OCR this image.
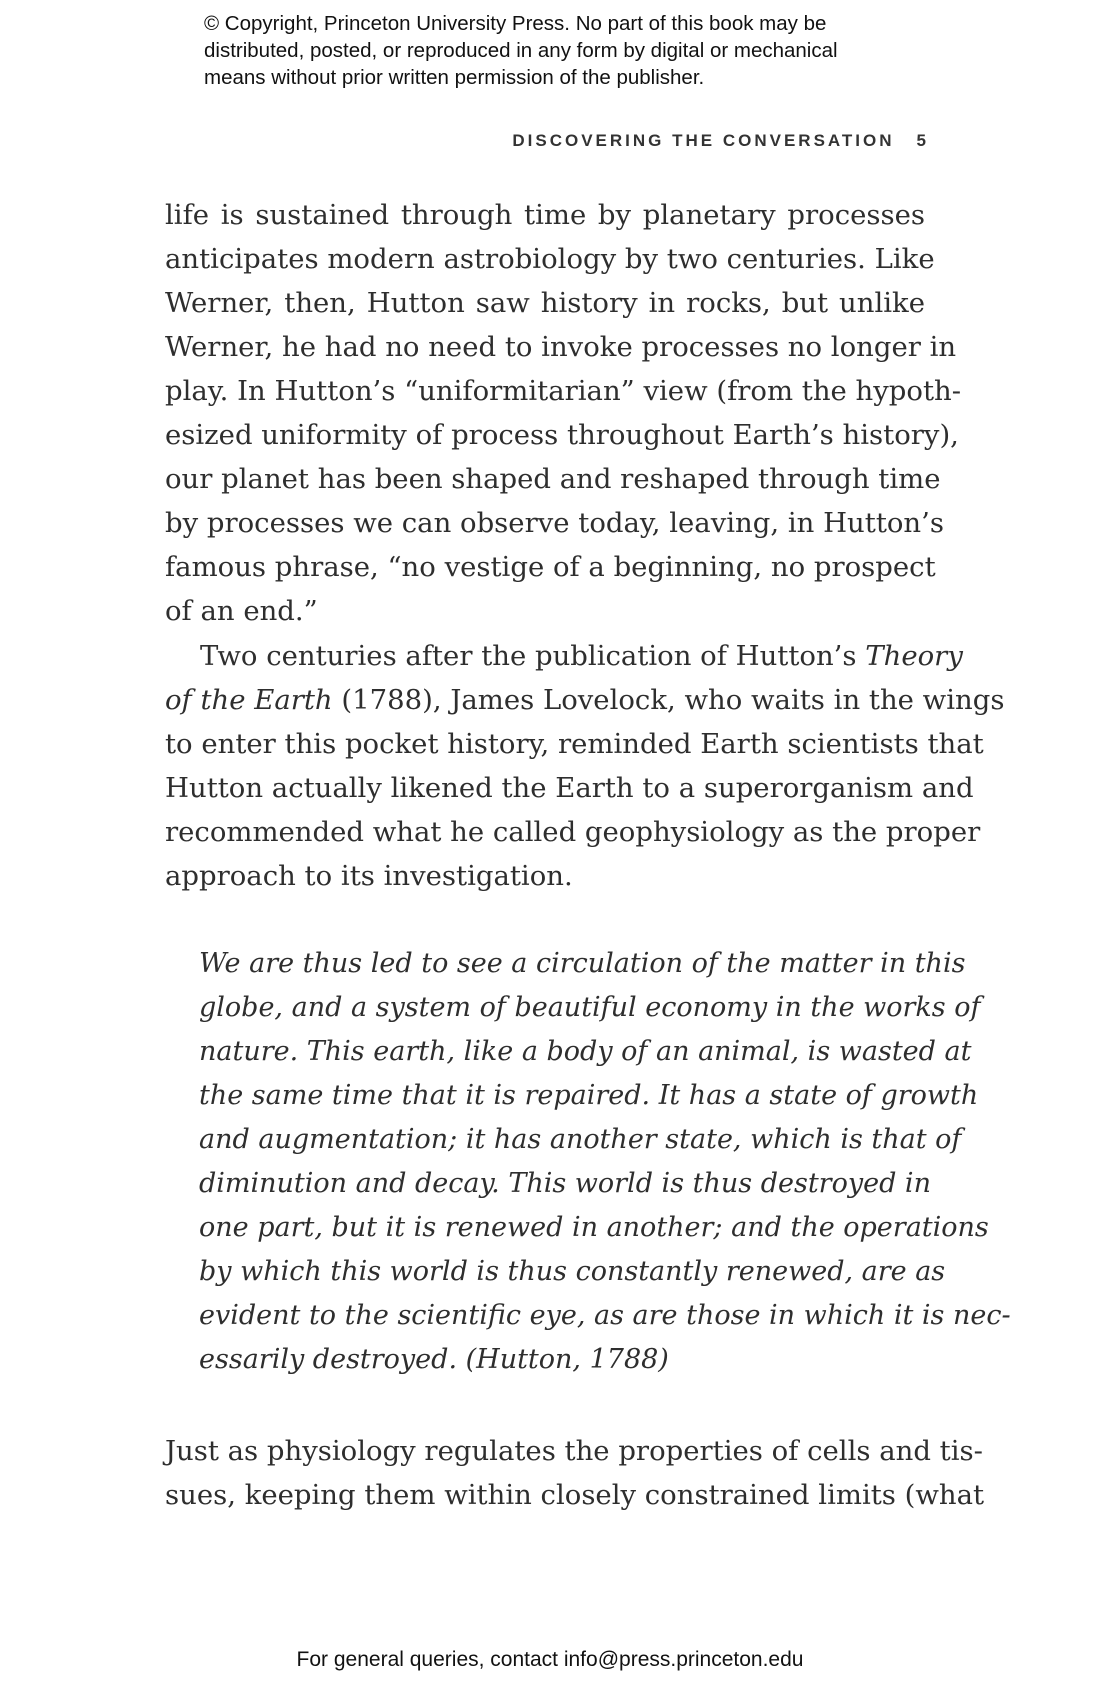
© Copyright, Princeton University Press. No part of this book may be
distributed, posted, or reproduced in any form by digital or mechanical
means without prior written permission of the publisher.
DISCOVERING THE CONVERSATION 5
life is sustained through time by planetary processes
anticipates modern astrobiology by two centuries. Like
Werner, then, Hutton saw history in rocks, but unlike
Werner, he had no need to invoke processes no longer in
play. In Hutton’s “uniformitarian” view (from the hypoth-
esized uniformity of process throughout Earth’s history),
our planet has been shaped and reshaped through time
by processes we can observe today, leaving, in Hutton’s
famous phrase, “no vestige of a beginning, no prospect
of an end.”
Two centuries after the publication of Hutton’s Theory
of the Earth (1788), James Lovelock, who waits in the wings
to enter this pocket history, reminded Earth scientists that
Hutton actually likened the Earth to a superorganism and
recommended what he called geophysiology as the proper
approach to its investigation.
We are thus led to see a circulation of the matter in this
globe, and a system of beautiful economy in the works of
nature. This earth, like a body of an animal, is wasted at
the same time that it is repaired. It has a state of growth
and augmentation; it has another state, which is that of
diminution and decay. This world is thus destroyed in
one part, but it is renewed in another; and the operations
by which this world is thus constantly renewed, are as
evident to the scientific eye, as are those in which it is nec-
essarily destroyed. (Hutton, 1788)
Just as physiology regulates the properties of cells and tis-
sues, keeping them within closely constrained limits (what
For general queries, contact info@press.princeton.edu
